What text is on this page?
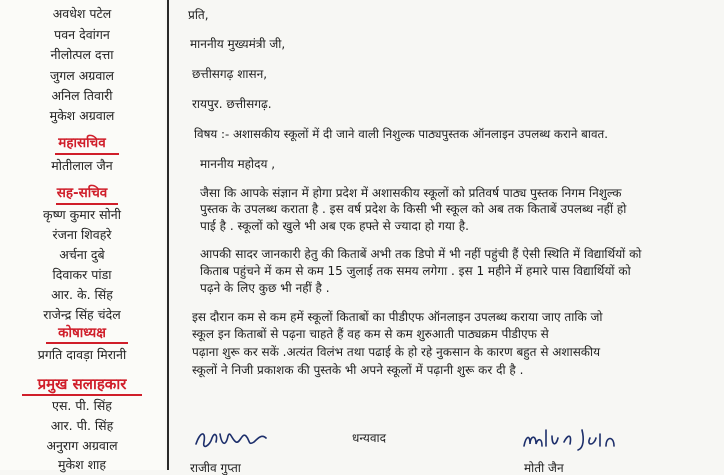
अवधेश पटेल
पवन देवांगन
नीलोत्पल दत्ता
जुगल अग्रवाल
अनिल तिवारी
मुकेश अग्रवाल
महासचिव
मोतीलाल जैन
सह-सचिव
कृष्ण कुमार सोनी
रंजना शिवहरे
अर्चना दुबे
दिवाकर पांडा
आर. के. सिंह
राजेन्द्र सिंह चंदेल
कोषाध्यक्ष
प्रगति दावड़ा मिरानी
प्रमुख सलाहकार
एस. पी. सिंह
आर. पी. सिंह
अनुराग अग्रवाल
मुकेश शाह
प्रति,
माननीय मुख्यमंत्री जी,
छत्तीसगढ़ शासन,
रायपुर. छत्तीसगढ़.
विषय :- अशासकीय स्कूलों में दी जाने वाली निशुल्क पाठ्यपुस्तक ऑनलाइन उपलब्ध कराने बावत.
माननीय महोदय ,
जैसा कि आपके संज्ञान में होगा प्रदेश में अशासकीय स्कूलों को प्रतिवर्ष पाठ्य पुस्तक निगम निशुल्क
पुस्तक के उपलब्ध कराता है . इस वर्ष प्रदेश के किसी भी स्कूल को अब तक किताबें उपलब्ध नहीं हो
पाई है . स्कूलों को खुले भी अब एक हफ्ते से ज्यादा हो गया है.
आपकी सादर जानकारी हेतु की किताबें अभी तक डिपो में भी नहीं पहुंची हैं ऐसी स्थिति में विद्यार्थियों को
किताब पहुंचने में कम से कम 15 जुलाई तक समय लगेगा . इस 1 महीने में हमारे पास विद्यार्थियों को
पढ़ने के लिए कुछ भी नहीं है .
इस दौरान कम से कम हमें स्कूलों किताबों का पीडीएफ ऑनलाइन उपलब्ध कराया जाए ताकि जो
स्कूल इन किताबों से पढ़ना चाहते हैं वह कम से कम शुरुआती पाठ्यक्रम पीडीएफ से
पढ़ाना शुरू कर सकें .अत्यंत विलंभ तथा पढाई के हो रहे नुकसान के कारण बहुत से अशासकीय
स्कूलों ने निजी प्रकाशक की पुस्तके भी अपने स्कूलों में पढ़ानी शुरू कर दी है .
धन्यवाद
राजीव गुप्ता	मोती जैन
